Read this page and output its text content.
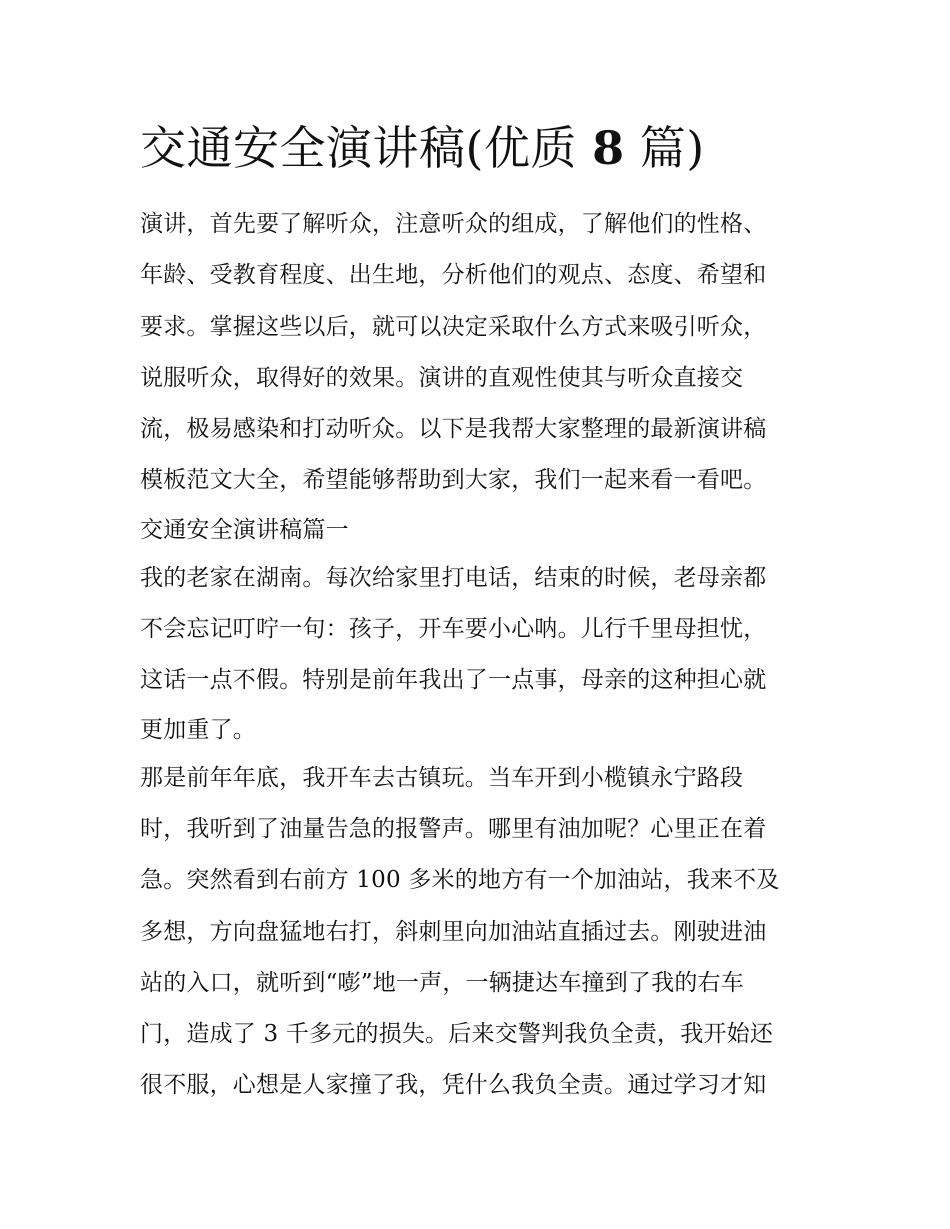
交通安全演讲稿(优质 8 篇)
演讲，首先要了解听众，注意听众的组成，了解他们的性格、
年龄、受教育程度、出生地，分析他们的观点、态度、希望和
要求。掌握这些以后，就可以决定采取什么方式来吸引听众，
说服听众，取得好的效果。演讲的直观性使其与听众直接交
流，极易感染和打动听众。以下是我帮大家整理的最新演讲稿
模板范文大全，希望能够帮助到大家，我们一起来看一看吧。
交通安全演讲稿篇一
我的老家在湖南。每次给家里打电话，结束的时候，老母亲都
不会忘记叮咛一句：孩子，开车要小心呐。儿行千里母担忧，
这话一点不假。特别是前年我出了一点事，母亲的这种担心就
更加重了。
那是前年年底，我开车去古镇玩。当车开到小榄镇永宁路段
时，我听到了油量告急的报警声。哪里有油加呢？心里正在着
急。突然看到右前方 100 多米的地方有一个加油站，我来不及
多想，方向盘猛地右打，斜刺里向加油站直插过去。刚驶进油
站的入口，就听到“嘭”地一声，一辆捷达车撞到了我的右车
门，造成了 3 千多元的损失。后来交警判我负全责，我开始还
很不服，心想是人家撞了我，凭什么我负全责。通过学习才知
